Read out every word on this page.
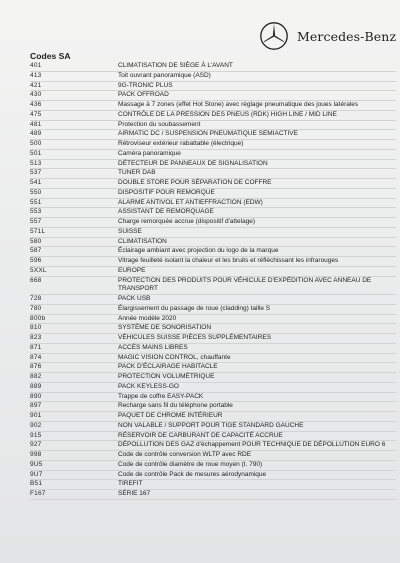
Mercedes-Benz
Codes SA
401	CLIMATISATION DE SIÈGE À L'AVANT
413	Toit ouvrant panoramique (ASD)
421	9G-TRONIC PLUS
430	PACK OFFROAD
436	Massage à 7 zones (effet Hot Stone) avec réglage pneumatique des joues latérales
475	CONTRÔLE DE LA PRESSION DES PNEUS (RDK) HIGH LINE / MID LINE
481	Protection du soubassement
489	AIRMATIC DC / SUSPENSION PNEUMATIQUE SEMIACTIVE
500	Rétroviseur extérieur rabattable (électrique)
501	Caméra panoramique
513	DÉTECTEUR DE PANNEAUX DE SIGNALISATION
537	TUNER DAB
541	DOUBLE STORE POUR SÉPARATION DE COFFRE
550	DISPOSITIF POUR REMORQUE
551	ALARME ANTIVOL ET ANTIEFFRACTION (EDW)
553	ASSISTANT DE REMORQUAGE
557	Charge remorquée accrue (dispositif d'attelage)
571L	SUISSE
580	CLIMATISATION
587	Éclairage ambiant avec projection du logo de la marque
596	Vitrage feuilleté isolant la chaleur et les bruits et réfléchissant les infrarouges
5XXL	EUROPE
668	PROTECTION DES PRODUITS POUR VÉHICULE D'EXPÉDITION AVEC ANNEAU DE TRANSPORT
728	PACK USB
780	Élargissement du passage de roue (cladding) taille S
800b	Année modèle 2020
810	SYSTÈME DE SONORISATION
823	VÉHICULES SUISSE PIÈCES SUPPLÉMENTAIRES
871	ACCÈS MAINS LIBRES
874	MAGIC VISION CONTROL, chauffante
876	PACK D'ÉCLAIRAGE HABITACLE
882	PROTECTION VOLUMÉTRIQUE
889	PACK KEYLESS-GO
890	Trappe de coffre EASY-PACK
897	Recharge sans fil du téléphone portable
901	PAQUET DE CHROME INTÉRIEUR
902	NON VALABLE / SUPPORT POUR TIGE STANDARD GAUCHE
915	RÉSERVOIR DE CARBURANT DE CAPACITÉ ACCRUE
927	DÉPOLLUTION DES GAZ d'échappement POUR TECHNIQUE DE DÉPOLLUTION EURO 6
998	Code de contrôle conversion WLTP avec RDE
9U5	Code de contrôle diamètre de roue moyen (t. 790)
9U7	Code de contrôle Pack de mesures aérodynamique
B51	TIREFIT
F167	SÉRIE 167
